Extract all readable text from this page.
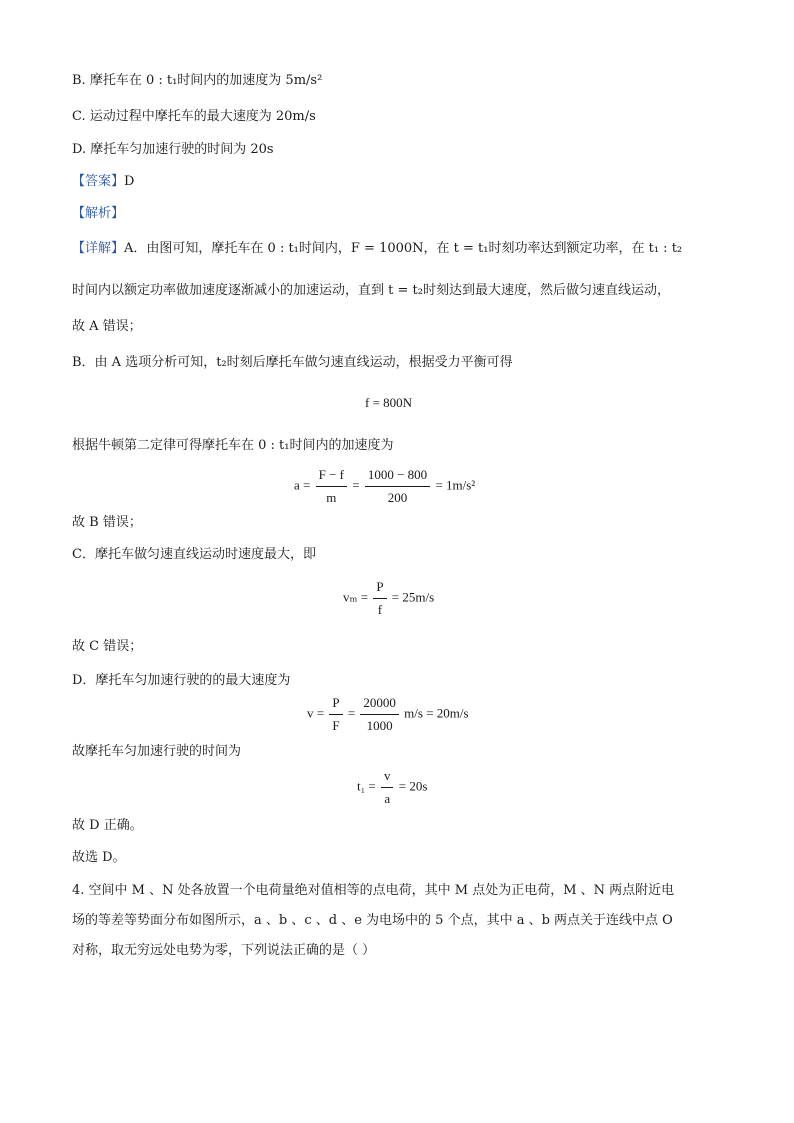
B. 摩托车在 0 : t₁时间内的加速度为 5m/s²
C. 运动过程中摩托车的最大速度为 20m/s
D. 摩托车匀加速行驶的时间为 20s
【答案】D
【解析】
【详解】A．由图可知，摩托车在 0 : t₁时间内，F = 1000N，在 t = t₁时刻功率达到额定功率，在 t₁ : t₂
时间内以额定功率做加速度逐渐减小的加速运动，直到 t = t₂时刻达到最大速度，然后做匀速直线运动，
故 A 错误；
B．由 A 选项分析可知，t₂时刻后摩托车做匀速直线运动，根据受力平衡可得
f = 800N
根据牛顿第二定律可得摩托车在 0 : t₁时间内的加速度为
$a = \frac{F - f}{m} = \frac{1000 - 800}{200} = 1m/s^2$
故 B 错误；
C．摩托车做匀速直线运动时速度最大，即
$v_m = \frac{P}{f} = 25m/s$
故 C 错误；
D．摩托车匀加速行驶的的最大速度为
$v = \frac{P}{F} = \frac{20000}{1000} m/s = 20m/s$
故摩托车匀加速行驶的时间为
$t_1 = \frac{v}{a} = 20s$
故 D 正确。
故选 D。
4. 空间中 M 、N 处各放置一个电荷量绝对值相等的点电荷，其中 M 点处为正电荷，M 、N 两点附近电
场的等差等势面分布如图所示，a 、b 、c 、d 、e 为电场中的 5 个点，其中 a 、b 两点关于连线中点 O
对称，取无穷远处电势为零，下列说法正确的是（ ）
